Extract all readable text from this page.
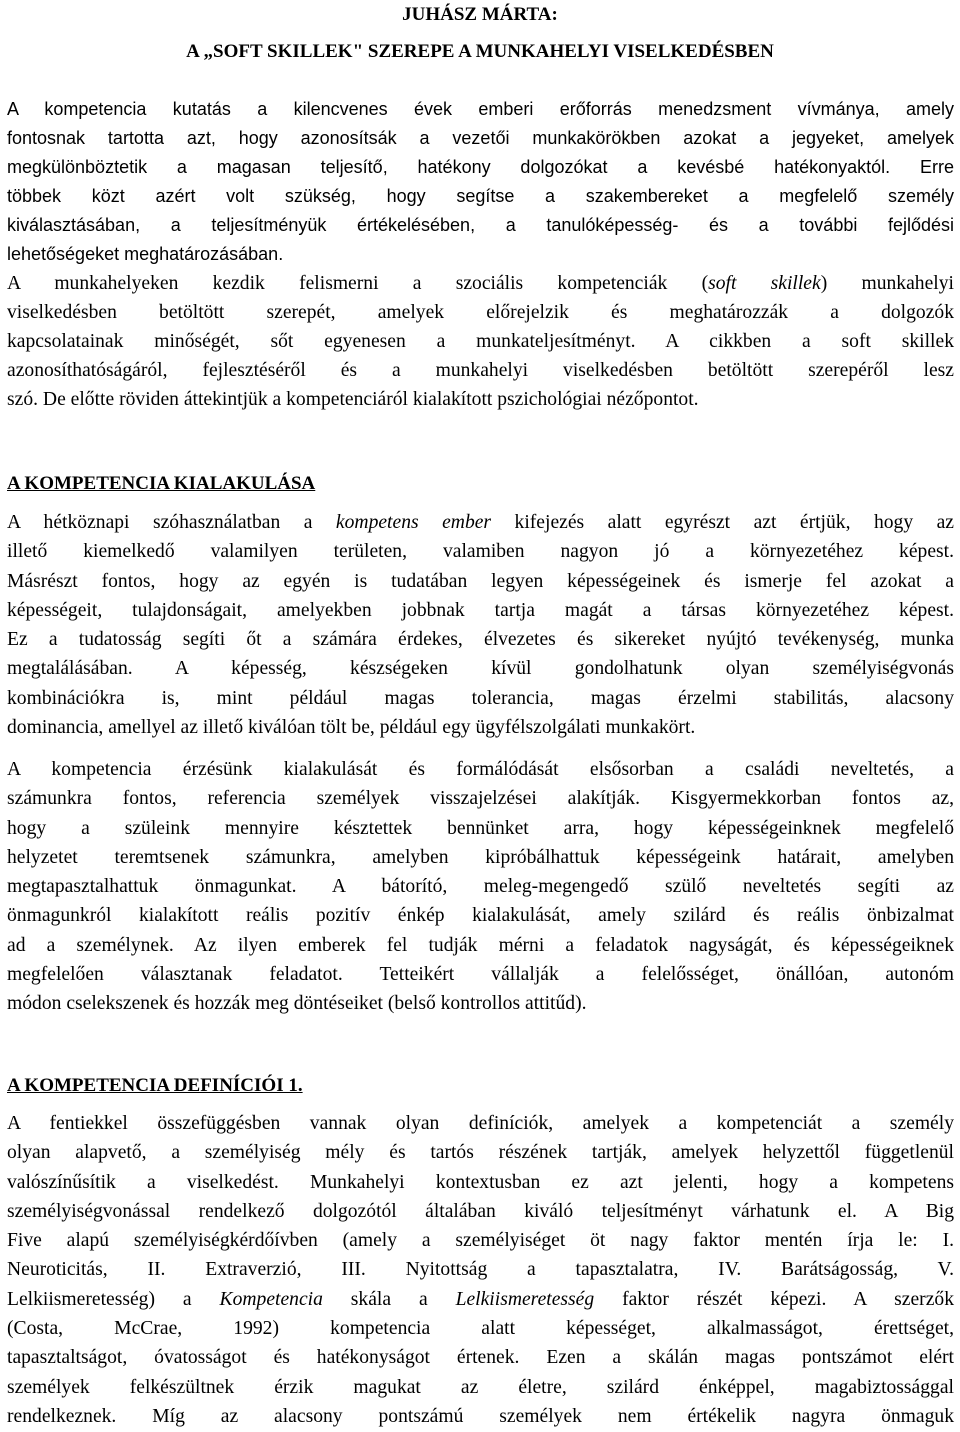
JUHÁSZ MÁRTA:
A „SOFT SKILLEK" SZEREPE A MUNKAHELYI VISELKEDÉSBEN

A kompetencia kutatás a kilencvenes évek emberi erőforrás menedzsment vívmánya, amely

fontosnak tartotta azt, hogy azonosítsák a vezetői munkakörökben azokat a jegyeket, amelyek

megkülönböztetik a magasan teljesítő, hatékony dolgozókat a kevésbé hatékonyaktól. Erre

többek közt azért volt szükség, hogy segítse a szakembereket a megfelelő személy

kiválasztásában, a teljesítményük értékelésében, a tanulóképesség- és a további fejlődési

lehetőségeket meghatározásában.

A munkahelyeken kezdik felismerni a szociális kompetenciák (soft skillek) munkahelyi

viselkedésben betöltött szerepét, amelyek előrejelzik és meghatározzák a dolgozók

kapcsolatainak minőségét, sőt egyenesen a munkateljesítményt. A cikkben a soft skillek

azonosíthatóságáról, fejlesztéséről és a munkahelyi viselkedésben betöltött szerepéről lesz

szó. De előtte röviden áttekintjük a kompetenciáról kialakított pszichológiai nézőpontot.

A KOMPETENCIA KIALAKULÁSA

A hétköznapi szóhasználatban a kompetens ember kifejezés alatt egyrészt azt értjük, hogy az

illető kiemelkedő valamilyen területen, valamiben nagyon jó a környezetéhez képest.

Másrészt fontos, hogy az egyén is tudatában legyen képességeinek és ismerje fel azokat a

képességeit, tulajdonságait, amelyekben jobbnak tartja magát a társas környezetéhez képest.

Ez a tudatosság segíti őt a számára érdekes, élvezetes és sikereket nyújtó tevékenység, munka

megtalálásában. A képesség, készségeken kívül gondolhatunk olyan személyiségvonás

kombinációkra is, mint például magas tolerancia, magas érzelmi stabilitás, alacsony

dominancia, amellyel az illető kiválóan tölt be, például egy ügyfélszolgálati munkakört.

A kompetencia érzésünk kialakulását és formálódását elsősorban a családi neveltetés, a

számunkra fontos, referencia személyek visszajelzései alakítják. Kisgyermekkorban fontos az,

hogy a szüleink mennyire késztettek bennünket arra, hogy képességeinknek megfelelő

helyzetet teremtsenek számunkra, amelyben kipróbálhattuk képességeink határait, amelyben

megtapasztalhattuk önmagunkat. A bátorító, meleg-megengedő szülő neveltetés segíti az

önmagunkról kialakított reális pozitív énkép kialakulását, amely szilárd és reális önbizalmat

ad a személynek. Az ilyen emberek fel tudják mérni a feladatok nagyságát, és képességeiknek

megfelelően választanak feladatot. Tetteikért vállalják a felelősséget, önállóan, autonóm

módon cselekszenek és hozzák meg döntéseiket (belső kontrollos attitűd).

A KOMPETENCIA DEFINÍCIÓI 1.

A fentiekkel összefüggésben vannak olyan definíciók, amelyek a kompetenciát a személy

olyan alapvető, a személyiség mély és tartós részének tartják, amelyek helyzettől függetlenül

valószínűsítik a viselkedést. Munkahelyi kontextusban ez azt jelenti, hogy a kompetens

személyiségvonással rendelkező dolgozótól általában kiváló teljesítményt várhatunk el. A Big

Five alapú személyiségkérdőívben (amely a személyiséget öt nagy faktor mentén írja le: I.

Neuroticitás, II. Extraverzió, III. Nyitottság a tapasztalatra, IV. Barátságosság, V.

Lelkiismeretesség) a Kompetencia skála a Lelkiismeretesség faktor részét képezi. A szerzők

(Costa, McCrae, 1992) kompetencia alatt képességet, alkalmasságot, érettséget,

tapasztaltságot, óvatosságot és hatékonyságot értenek. Ezen a skálán magas pontszámot elért

személyek felkészültnek érzik magukat az életre, szilárd énképpel, magabiztossággal

rendelkeznek. Míg az alacsony pontszámú személyek nem értékelik nagyra önmaguk
